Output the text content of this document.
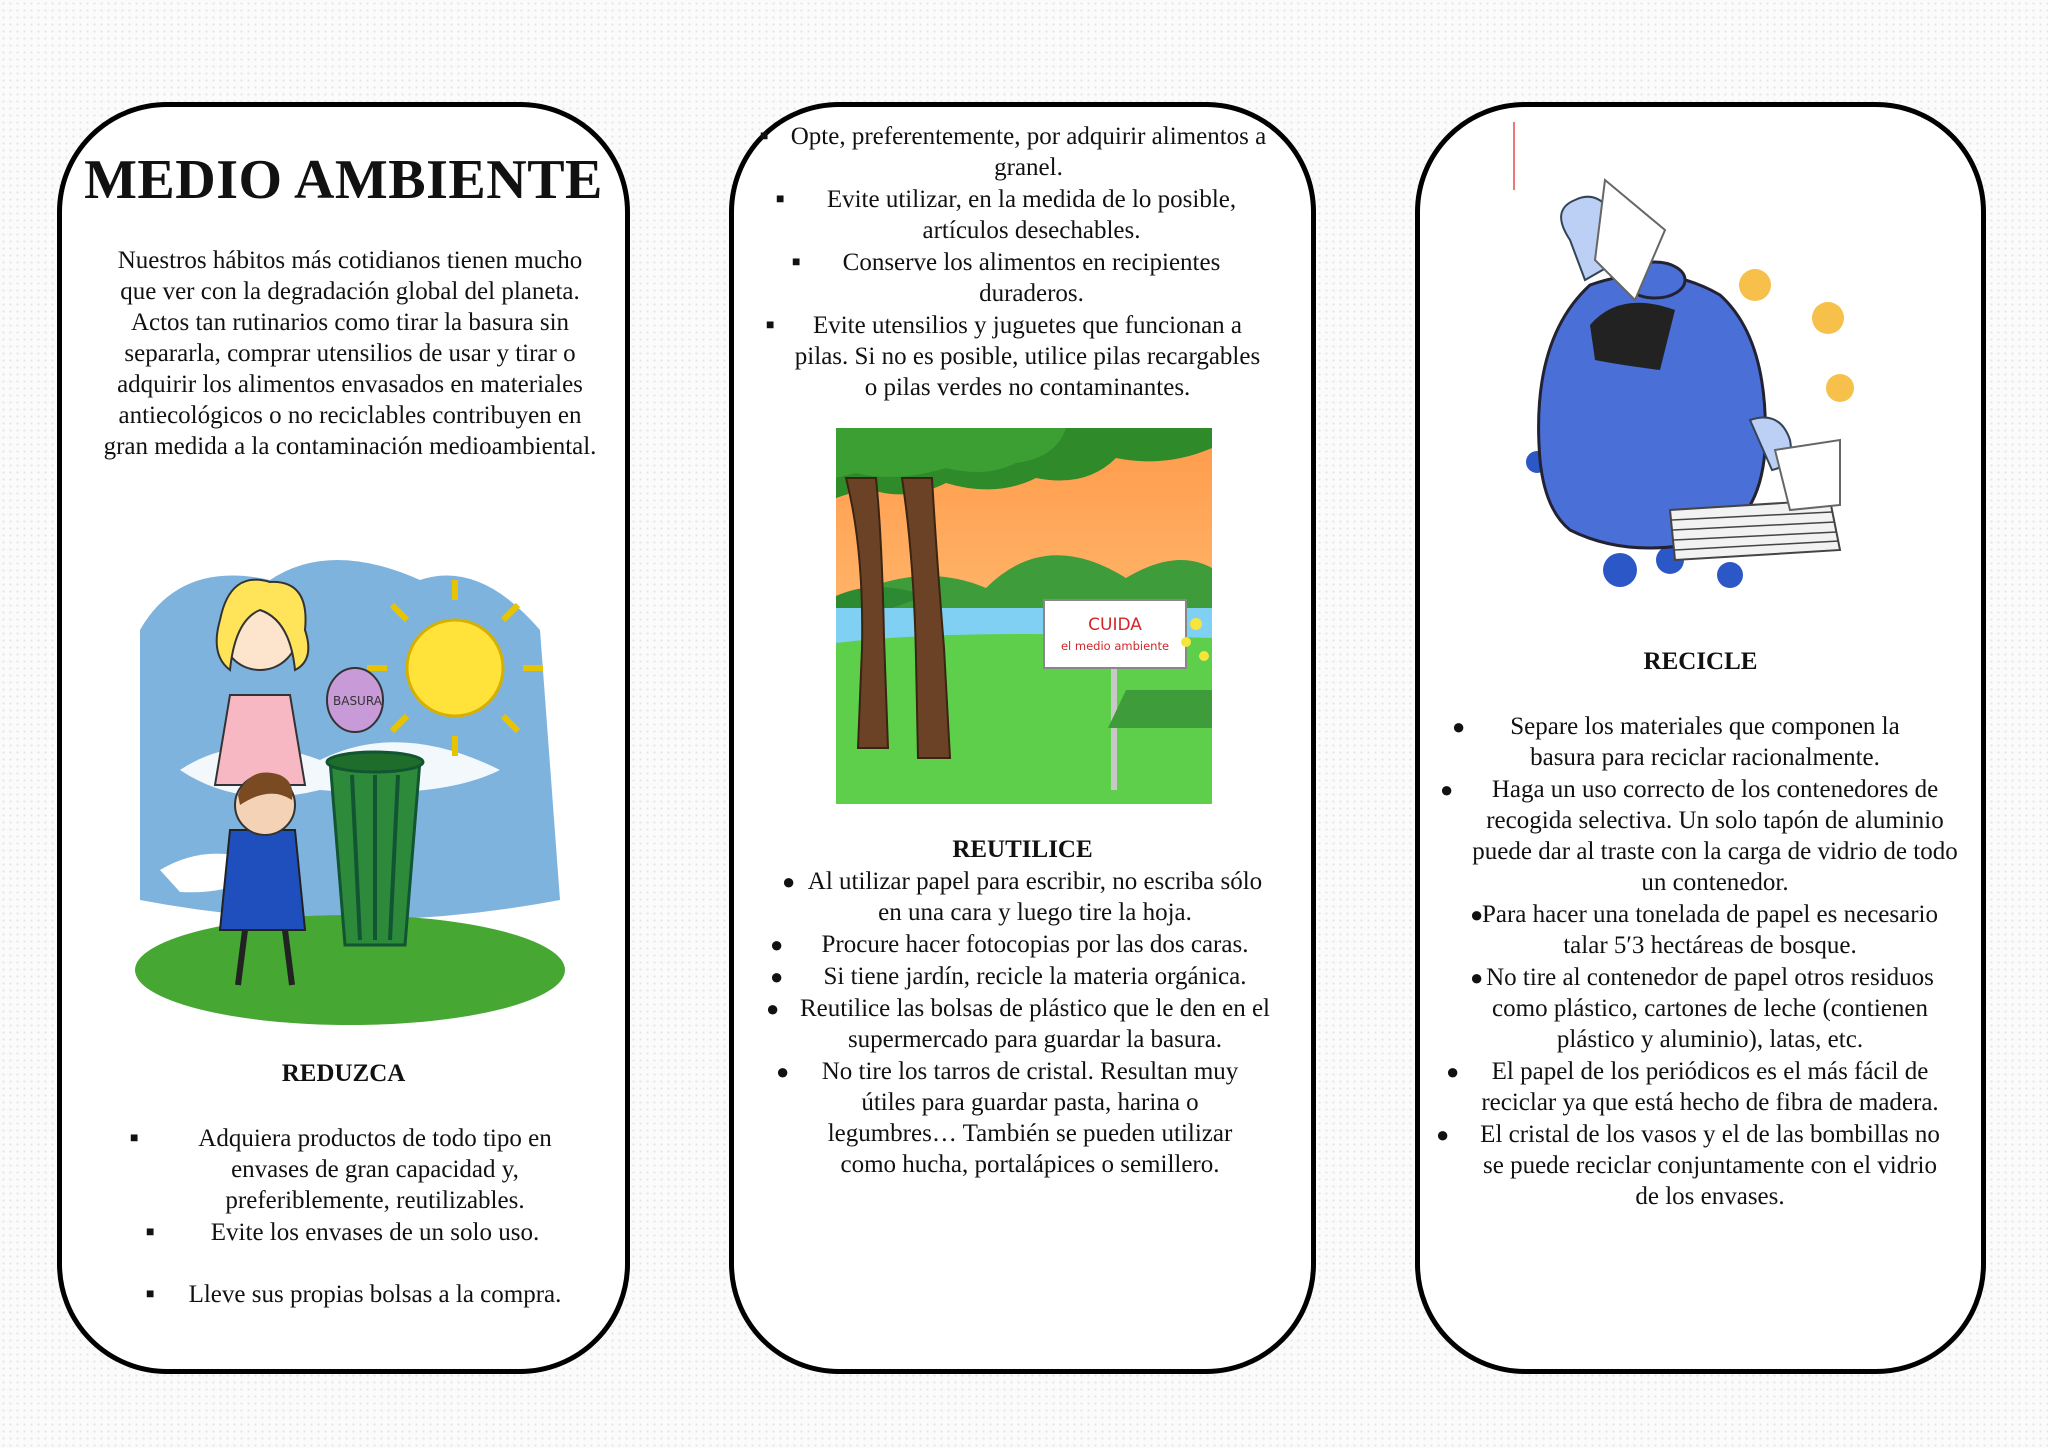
MEDIO AMBIENTE
Nuestros hábitos más cotidianos tienen mucho que ver con la degradación global del planeta. Actos tan rutinarios como tirar la basura sin separarla, comprar utensilios de usar y tirar o adquirir los alimentos envasados en materiales antiecológicos o no reciclables contribuyen en gran medida a la contaminación medioambiental.
BASURA
REDUZCA
■ Adquiera productos de todo tipo en envases de gran capacidad y, preferiblemente, reutilizables.
■ Evite los envases de un solo uso.
■ Lleve sus propias bolsas a la compra.
■ Opte, preferentemente, por adquirir alimentos a granel.
■ Evite utilizar, en la medida de lo posible, artículos desechables.
■ Conserve los alimentos en recipientes duraderos.
■ Evite utensilios y juguetes que funcionan a pilas. Si no es posible, utilice pilas recargables o pilas verdes no contaminantes.
CUIDA
el medio ambiente
REUTILICE
● Al utilizar papel para escribir, no escriba sólo en una cara y luego tire la hoja.
● Procure hacer fotocopias por las dos caras.
● Si tiene jardín, recicle la materia orgánica.
● Reutilice las bolsas de plástico que le den en el supermercado para guardar la basura.
● No tire los tarros de cristal. Resultan muy útiles para guardar pasta, harina o legumbres… También se pueden utilizar como hucha, portalápices o semillero.
RECICLE
● Separe los materiales que componen la basura para reciclar racionalmente.
● Haga un uso correcto de los contenedores de recogida selectiva. Un solo tapón de aluminio puede dar al traste con la carga de vidrio de todo un contenedor.
●
Para hacer una tonelada de papel es necesario talar 5′3 hectáreas de bosque.
● No tire al contenedor de papel otros residuos como plástico, cartones de leche (contienen plástico y aluminio), latas, etc.
● El papel de los periódicos es el más fácil de reciclar ya que está hecho de fibra de madera.
● El cristal de los vasos y el de las bombillas no se puede reciclar conjuntamente con el vidrio de los envases.
